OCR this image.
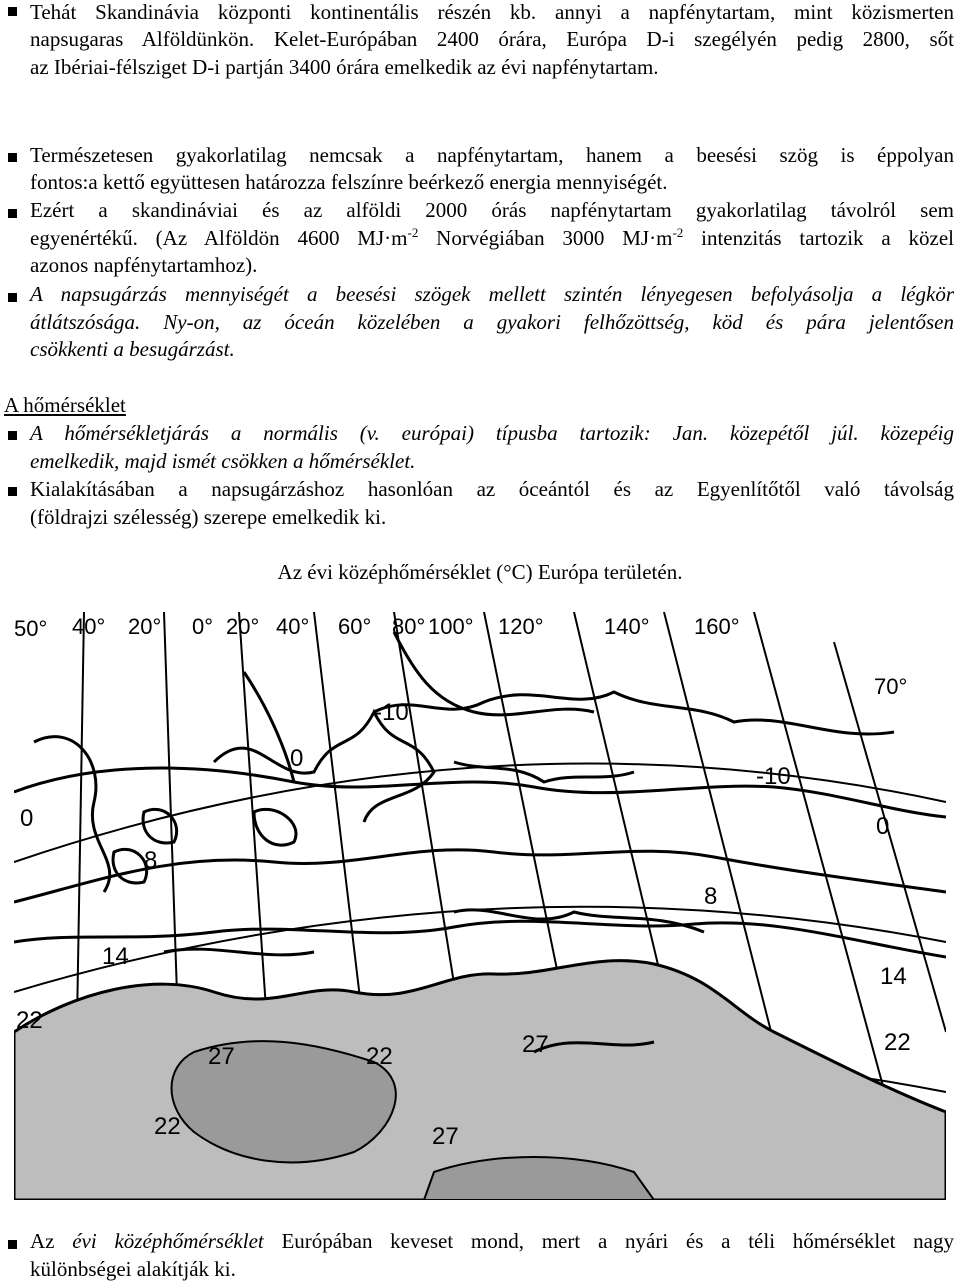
Tehát Skandinávia központi kontinentális részén kb. annyi a napfénytartam, mint közismerten
napsugaras Alföldünkön. Kelet-Európában 2400 órára, Európa D-i szegélyén pedig 2800, sőt
az Ibériai-félsziget D-i partján 3400 órára emelkedik az évi napfénytartam.
Természetesen gyakorlatilag nemcsak a napfénytartam, hanem a beesési szög is éppolyan
fontos:a kettő együttesen határozza felszínre beérkező energia mennyiségét.
Ezért a skandináviai és az alföldi 2000 órás napfénytartam gyakorlatilag távolról sem
egyenértékű. (Az Alföldön 4600 $MJ\cdot m^{-2}$ Norvégiában 3000 $MJ\cdot m^{-2}$ intenzitás tartozik a közel
azonos napfénytartamhoz).
A napsugárzás mennyiségét a beesési szögek mellett szintén lényegesen befolyásolja a légkör
átlátszósága. Ny-on, az óceán közelében a gyakori felhőzöttség, köd és pára jelentősen
csökkenti a besugárzást.
A hőmérséklet
A hőmérsékletjárás a normális (v. európai) típusba tartozik: Jan. közepétől júl. közepéig
emelkedik, majd ismét csökken a hőmérséklet.
Kialakításában a napsugárzáshoz hasonlóan az óceántól és az Egyenlítőtől való távolság
(földrajzi szélesség) szerepe emelkedik ki.
Az évi középhőmérséklet (°C) Európa területén.
50° 40° 20° 0° 20° 40° 60° 80° 100° 120°	140° 160°
70°
-10
0
-10
0
0
8
8
14
14
22
27	22	27
27
22
22
Az évi középhőmérséklet Európában keveset mond, mert a nyári és a téli hőmérséklet nagy
különbségei alakítják ki.
